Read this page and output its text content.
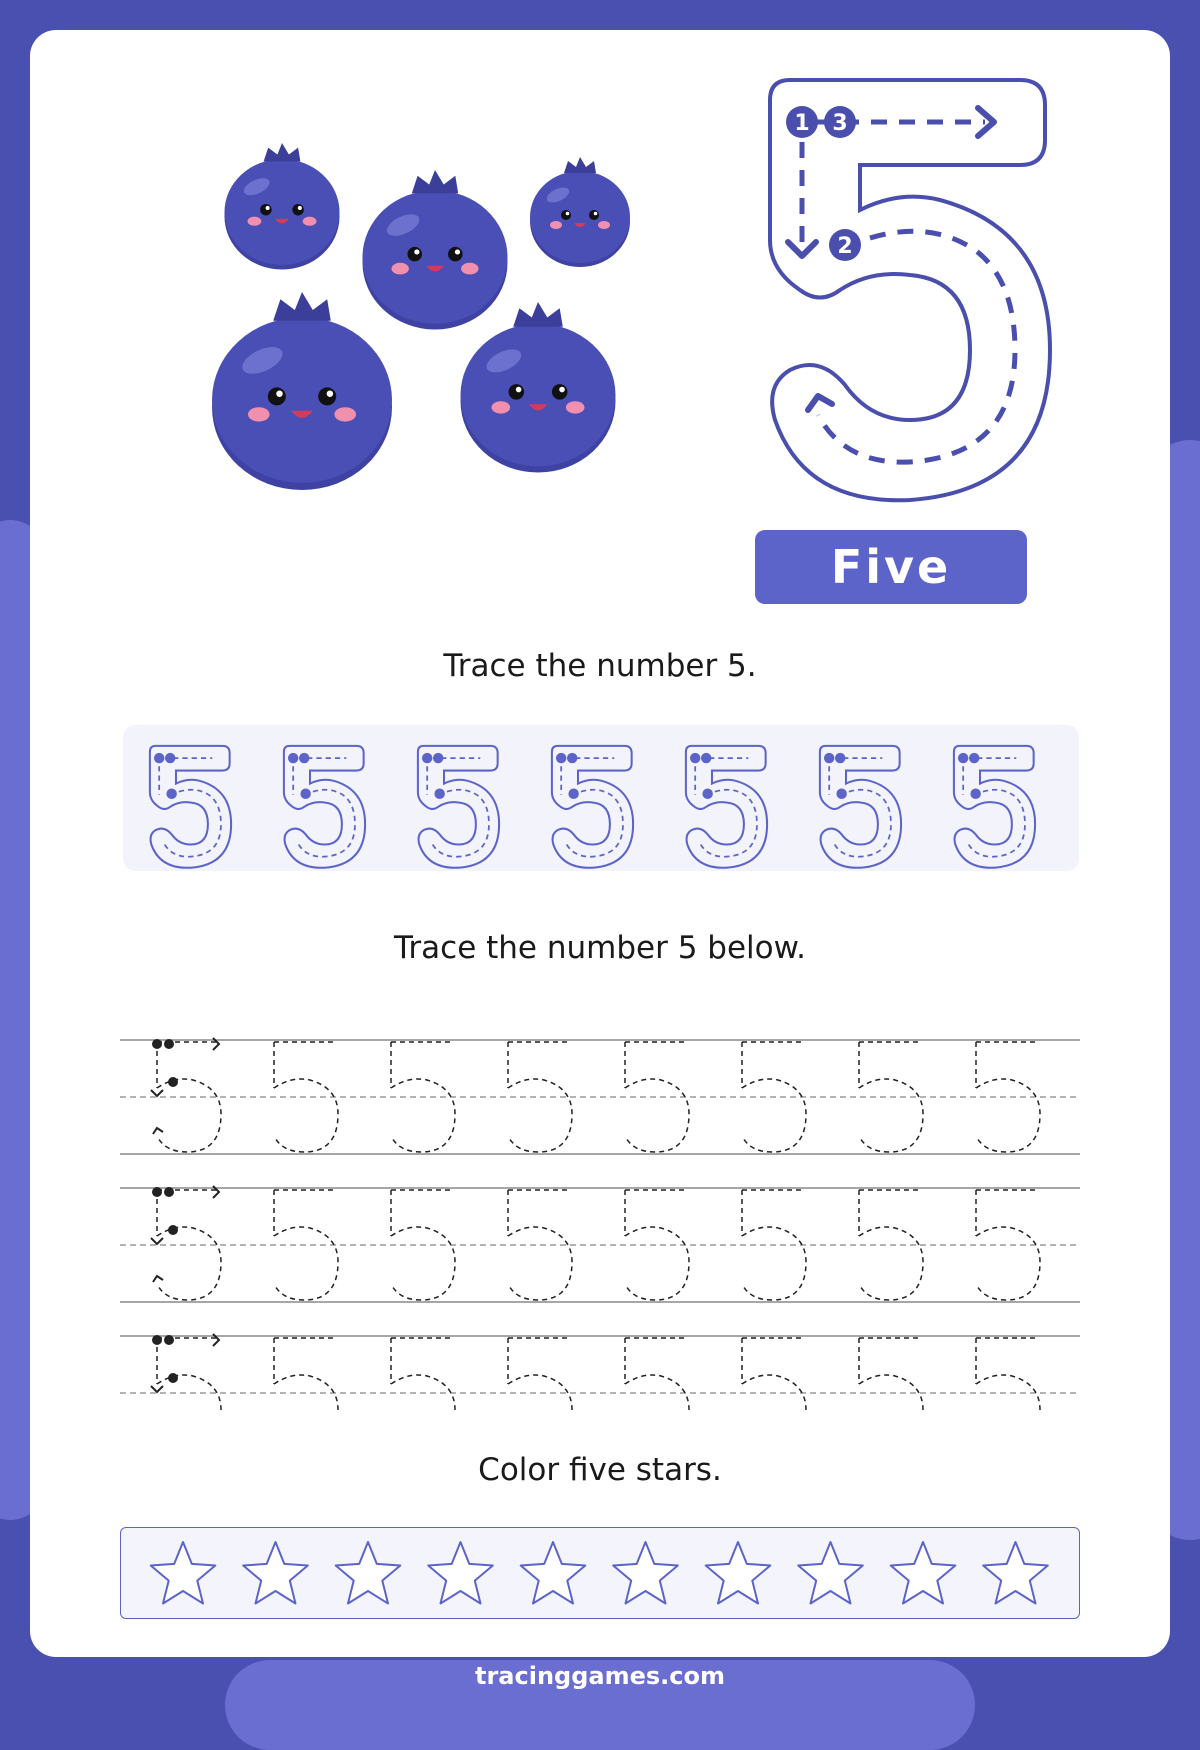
1 3
2
Five
Trace the number 5.
Trace the number 5 below.
Color five stars.
tracinggames.com
